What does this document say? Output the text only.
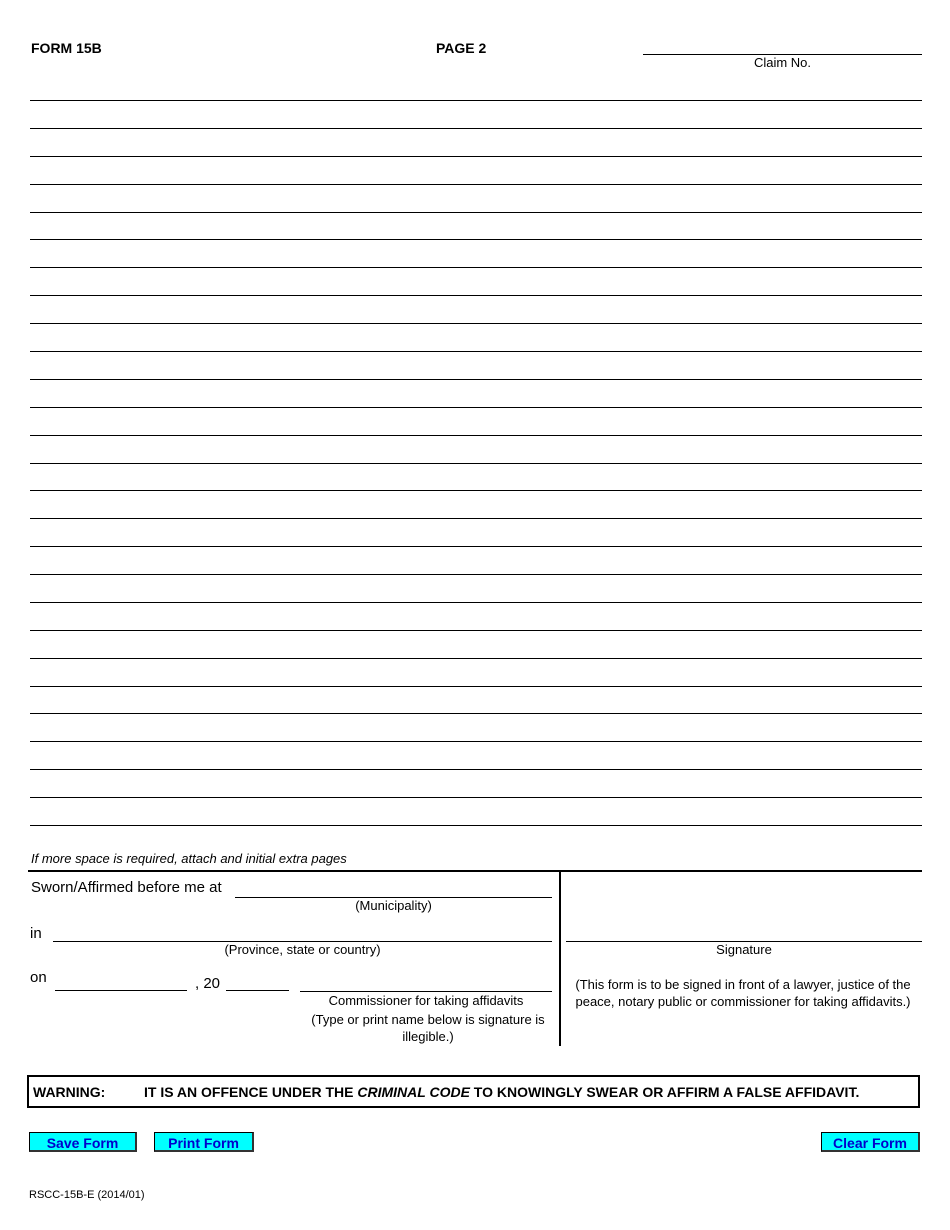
FORM 15B	PAGE 2
Claim No.
If more space is required, attach and initial extra pages
Sworn/Affirmed before me at
(Municipality)
in
(Province, state or country)
on	, 20
Commissioner for taking affidavits
(Type or print name below is signature is illegible.)
Signature
(This form is to be signed in front of a lawyer, justice of the peace, notary public or commissioner for taking affidavits.)
WARNING:	IT IS AN OFFENCE UNDER THE CRIMINAL CODE TO KNOWINGLY SWEAR OR AFFIRM A FALSE AFFIDAVIT.
Save Form	Print Form	Clear Form
RSCC-15B-E (2014/01)
